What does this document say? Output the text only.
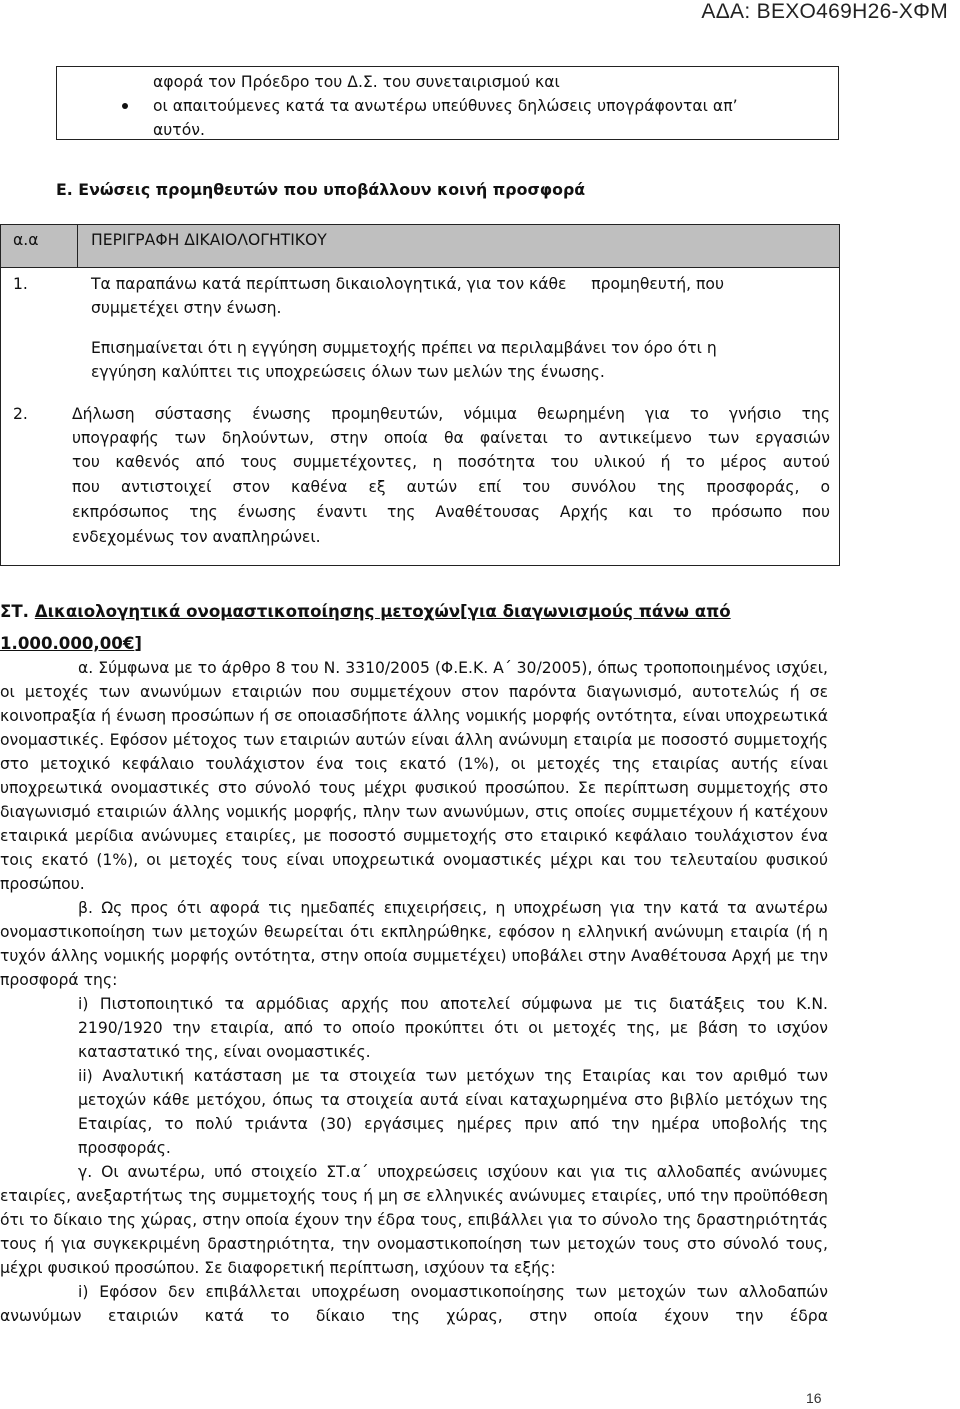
ΑΔΑ: ΒΕΧΟ469Η26-ΧΦΜ

αφορά τον Πρόεδρο του Δ.Σ. του συνεταιρισμού και

οι απαιτούμενες κατά τα ανωτέρω υπεύθυνες δηλώσεις υπογράφονται απ’

αυτόν.

Ε. Ενώσεις προμηθευτών που υποβάλλουν κοινή προσφορά

α.α	ΠΕΡΙΓΡΑΦΗ ΔΙΚΑΙΟΛΟΓΗΤΙΚΟΥ

1.	Τα παραπάνω κατά περίπτωση δικαιολογητικά, για τον κάθε     προμηθευτή, που

συμμετέχει στην ένωση.

Επισημαίνεται ότι η εγγύηση συμμετοχής πρέπει να περιλαμβάνει τον όρο ότι η

εγγύηση καλύπτει τις υποχρεώσεις όλων των μελών της ένωσης.

2.	Δήλωση σύστασης ένωσης προμηθευτών, νόμιμα θεωρημένη για το γνήσιο της

υπογραφής των δηλούντων, στην οποία θα φαίνεται το αντικείμενο των εργασιών

του καθενός από τους συμμετέχοντες, η ποσότητα του υλικού ή το μέρος αυτού

που αντιστοιχεί στον καθένα εξ αυτών επί του συνόλου της προσφοράς, ο

εκπρόσωπος της ένωσης έναντι της Αναθέτουσας Αρχής και το πρόσωπο που

ενδεχομένως τον αναπληρώνει.

ΣΤ. Δικαιολογητικά ονομαστικοποίησης μετοχών[για διαγωνισμούς πάνω από 1.000.000,00€]

α. Σύμφωνα με το άρθρο 8 του Ν. 3310/2005 (Φ.Ε.Κ. Α΄ 30/2005), όπως τροποποιημένος ισχύει, οι μετοχές των ανωνύμων εταιριών που συμμετέχουν στον παρόντα διαγωνισμό, αυτοτελώς ή σε κοινοπραξία ή ένωση προσώπων ή σε οποιασδήποτε άλλης νομικής μορφής οντότητα, είναι υποχρεωτικά ονομαστικές. Εφόσον μέτοχος των εταιριών αυτών είναι άλλη ανώνυμη εταιρία με ποσοστό συμμετοχής στο μετοχικό κεφάλαιο τουλάχιστον ένα τοις εκατό (1%), οι μετοχές της εταιρίας αυτής είναι υποχρεωτικά ονομαστικές στο σύνολό τους μέχρι φυσικού προσώπου. Σε περίπτωση συμμετοχής στο διαγωνισμό εταιριών άλλης νομικής μορφής, πλην των ανωνύμων, στις οποίες συμμετέχουν ή κατέχουν εταιρικά μερίδια ανώνυμες εταιρίες, με ποσοστό συμμετοχής στο εταιρικό κεφάλαιο τουλάχιστον ένα τοις εκατό (1%), οι μετοχές τους είναι υποχρεωτικά ονομαστικές μέχρι και του τελευταίου φυσικού προσώπου.

β. Ως προς ότι αφορά τις ημεδαπές επιχειρήσεις, η υποχρέωση για την κατά τα ανωτέρω ονομαστικοποίηση των μετοχών θεωρείται ότι εκπληρώθηκε, εφόσον η ελληνική ανώνυμη εταιρία (ή η τυχόν άλλης νομικής μορφής οντότητα, στην οποία συμμετέχει) υποβάλει στην Αναθέτουσα Αρχή με την προσφορά της:

i) Πιστοποιητικό τα αρμόδιας αρχής που αποτελεί σύμφωνα με τις διατάξεις του Κ.Ν. 2190/1920 την εταιρία, από το οποίο προκύπτει ότι οι μετοχές της, με βάση το ισχύον καταστατικό της, είναι ονομαστικές.

ii) Αναλυτική κατάσταση με τα στοιχεία των μετόχων της Εταιρίας και τον αριθμό των μετοχών κάθε μετόχου, όπως τα στοιχεία αυτά είναι καταχωρημένα στο βιβλίο μετόχων της Εταιρίας, το πολύ τριάντα (30) εργάσιμες ημέρες πριν από την ημέρα υποβολής της προσφοράς.

γ. Οι ανωτέρω, υπό στοιχείο ΣΤ.α΄ υποχρεώσεις ισχύουν και για τις αλλοδαπές ανώνυμες εταιρίες, ανεξαρτήτως της συμμετοχής τους ή μη σε ελληνικές ανώνυμες εταιρίες, υπό την προϋπόθεση ότι το δίκαιο της χώρας, στην οποία έχουν την έδρα τους, επιβάλλει για το σύνολο της δραστηριότητάς τους ή για συγκεκριμένη δραστηριότητα, την ονομαστικοποίηση των μετοχών τους στο σύνολό τους, μέχρι φυσικού προσώπου. Σε διαφορετική περίπτωση, ισχύουν τα εξής:

i) Εφόσον δεν επιβάλλεται υποχρέωση ονομαστικοποίησης των μετοχών των αλλοδαπών ανωνύμων εταιριών κατά το δίκαιο της χώρας, στην οποία έχουν την έδρα

16
